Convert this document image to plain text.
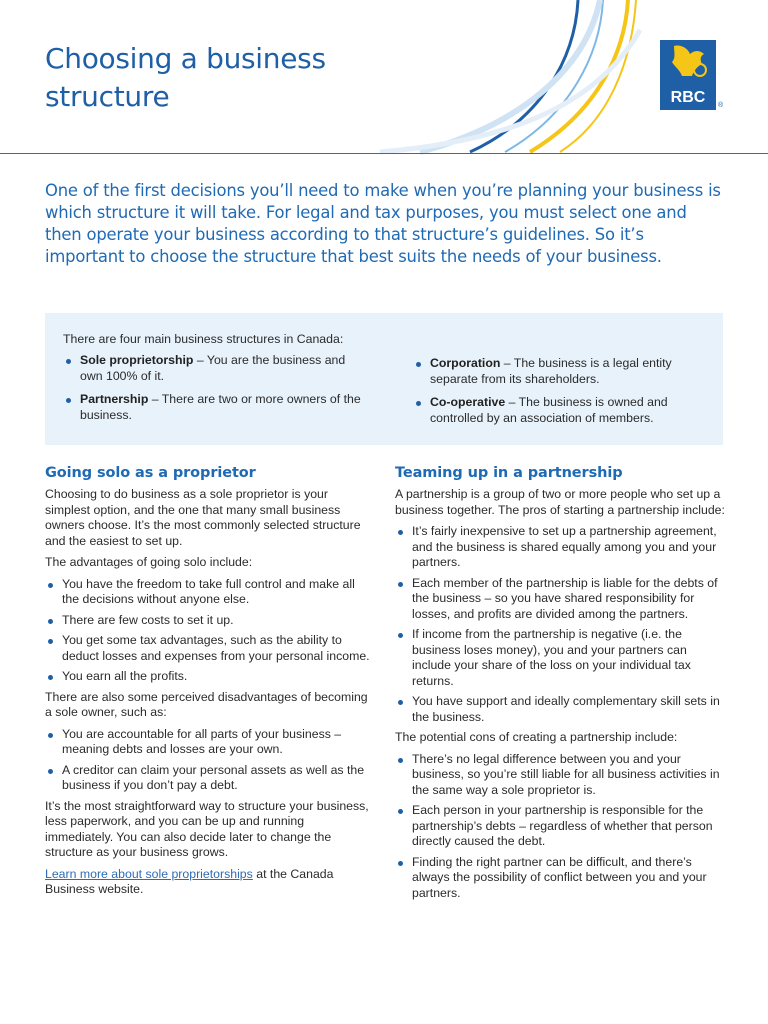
Choosing a business structure	RBC ®

One of the first decisions you’ll need to make when you’re planning your business is which structure it will take. For legal and tax purposes, you must select one and then operate your business according to that structure’s guidelines. So it’s important to choose the structure that best suits the needs of your business.

There are four main business structures in Canada:

Sole proprietorship – You are the business and own 100% of it.
Partnership – There are two or more owners of the business.
Corporation – The business is a legal entity separate from its shareholders.
Co-operative – The business is owned and controlled by an association of members.
Going solo as a proprietor

Choosing to do business as a sole proprietor is your simplest option, and the one that many small business owners choose. It’s the most commonly selected structure and the easiest to set up.

The advantages of going solo include:

You have the freedom to take full control and make all the decisions without anyone else.
There are few costs to set it up.
You get some tax advantages, such as the ability to deduct losses and expenses from your personal income.
You earn all the profits.

There are also some perceived disadvantages of becoming a sole owner, such as:

You are accountable for all parts of your business – meaning debts and losses are your own.
A creditor can claim your personal assets as well as the business if you don’t pay a debt.

It’s the most straightforward way to structure your business, less paperwork, and you can be up and running immediately. You can also decide later to change the structure as your business grows.

Learn more about sole proprietorships at the Canada Business website.

Teaming up in a partnership

A partnership is a group of two or more people who set up a business together. The pros of starting a partnership include:

It’s fairly inexpensive to set up a partnership agreement, and the business is shared equally among you and your partners.
Each member of the partnership is liable for the debts of the business – so you have shared responsibility for losses, and profits are divided among the partners.
If income from the partnership is negative (i.e. the business loses money), you and your partners can include your share of the loss on your individual tax returns.
You have support and ideally complementary skill sets in the business.

The potential cons of creating a partnership include:

There’s no legal difference between you and your business, so you’re still liable for all business activities in the same way a sole proprietor is.
Each person in your partnership is responsible for the partnership’s debts – regardless of whether that person directly caused the debt.
Finding the right partner can be difficult, and there’s always the possibility of conflict between you and your partners.
